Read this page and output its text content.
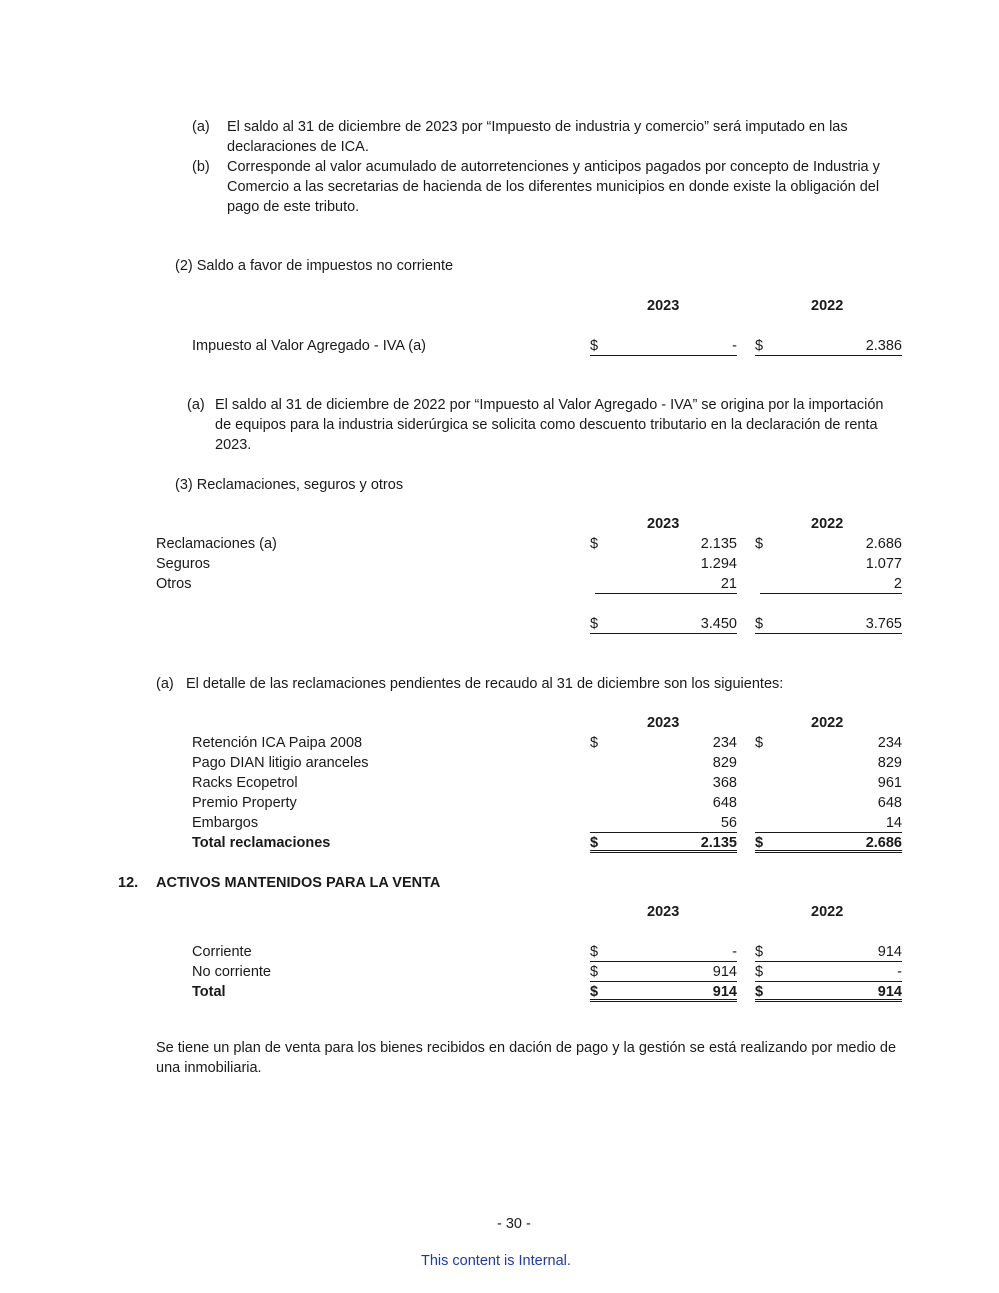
(a) El saldo al 31 de diciembre de 2023 por “Impuesto de industria y comercio” será imputado en las
declaraciones de ICA.
(b) Corresponde al valor acumulado de autorretenciones y anticipos pagados por concepto de Industria y
Comercio a las secretarias de hacienda de los diferentes municipios en donde existe la obligación del
pago de este tributo.
(2) Saldo a favor de impuestos no corriente
2023	2022
Impuesto al Valor Agregado - IVA (a)	$	- $	2.386
(a) El saldo al 31 de diciembre de 2022 por “Impuesto al Valor Agregado - IVA” se origina por la importación
de equipos para la industria siderúrgica se solicita como descuento tributario en la declaración de renta
2023.
(3) Reclamaciones, seguros y otros
2023	2022
Reclamaciones (a)	$	2.135 $	2.686
Seguros	1.294	1.077
Otros	21	2
$	3.450 $	3.765
(a) El detalle de las reclamaciones pendientes de recaudo al 31 de diciembre son los siguientes:
2023	2022
Retención ICA Paipa 2008	$	234 $	234
Pago DIAN litigio aranceles	829	829
Racks Ecopetrol	368	961
Premio Property	648	648
Embargos	56	14
Total reclamaciones	$	2.135 $	2.686
12. ACTIVOS MANTENIDOS PARA LA VENTA
2023	2022
Corriente	$	- $	914
No corriente	$	914 $	-
Total	$	914 $	914
Se tiene un plan de venta para los bienes recibidos en dación de pago y la gestión se está realizando por medio de
una inmobiliaria.
- 30 -
This content is Internal.
